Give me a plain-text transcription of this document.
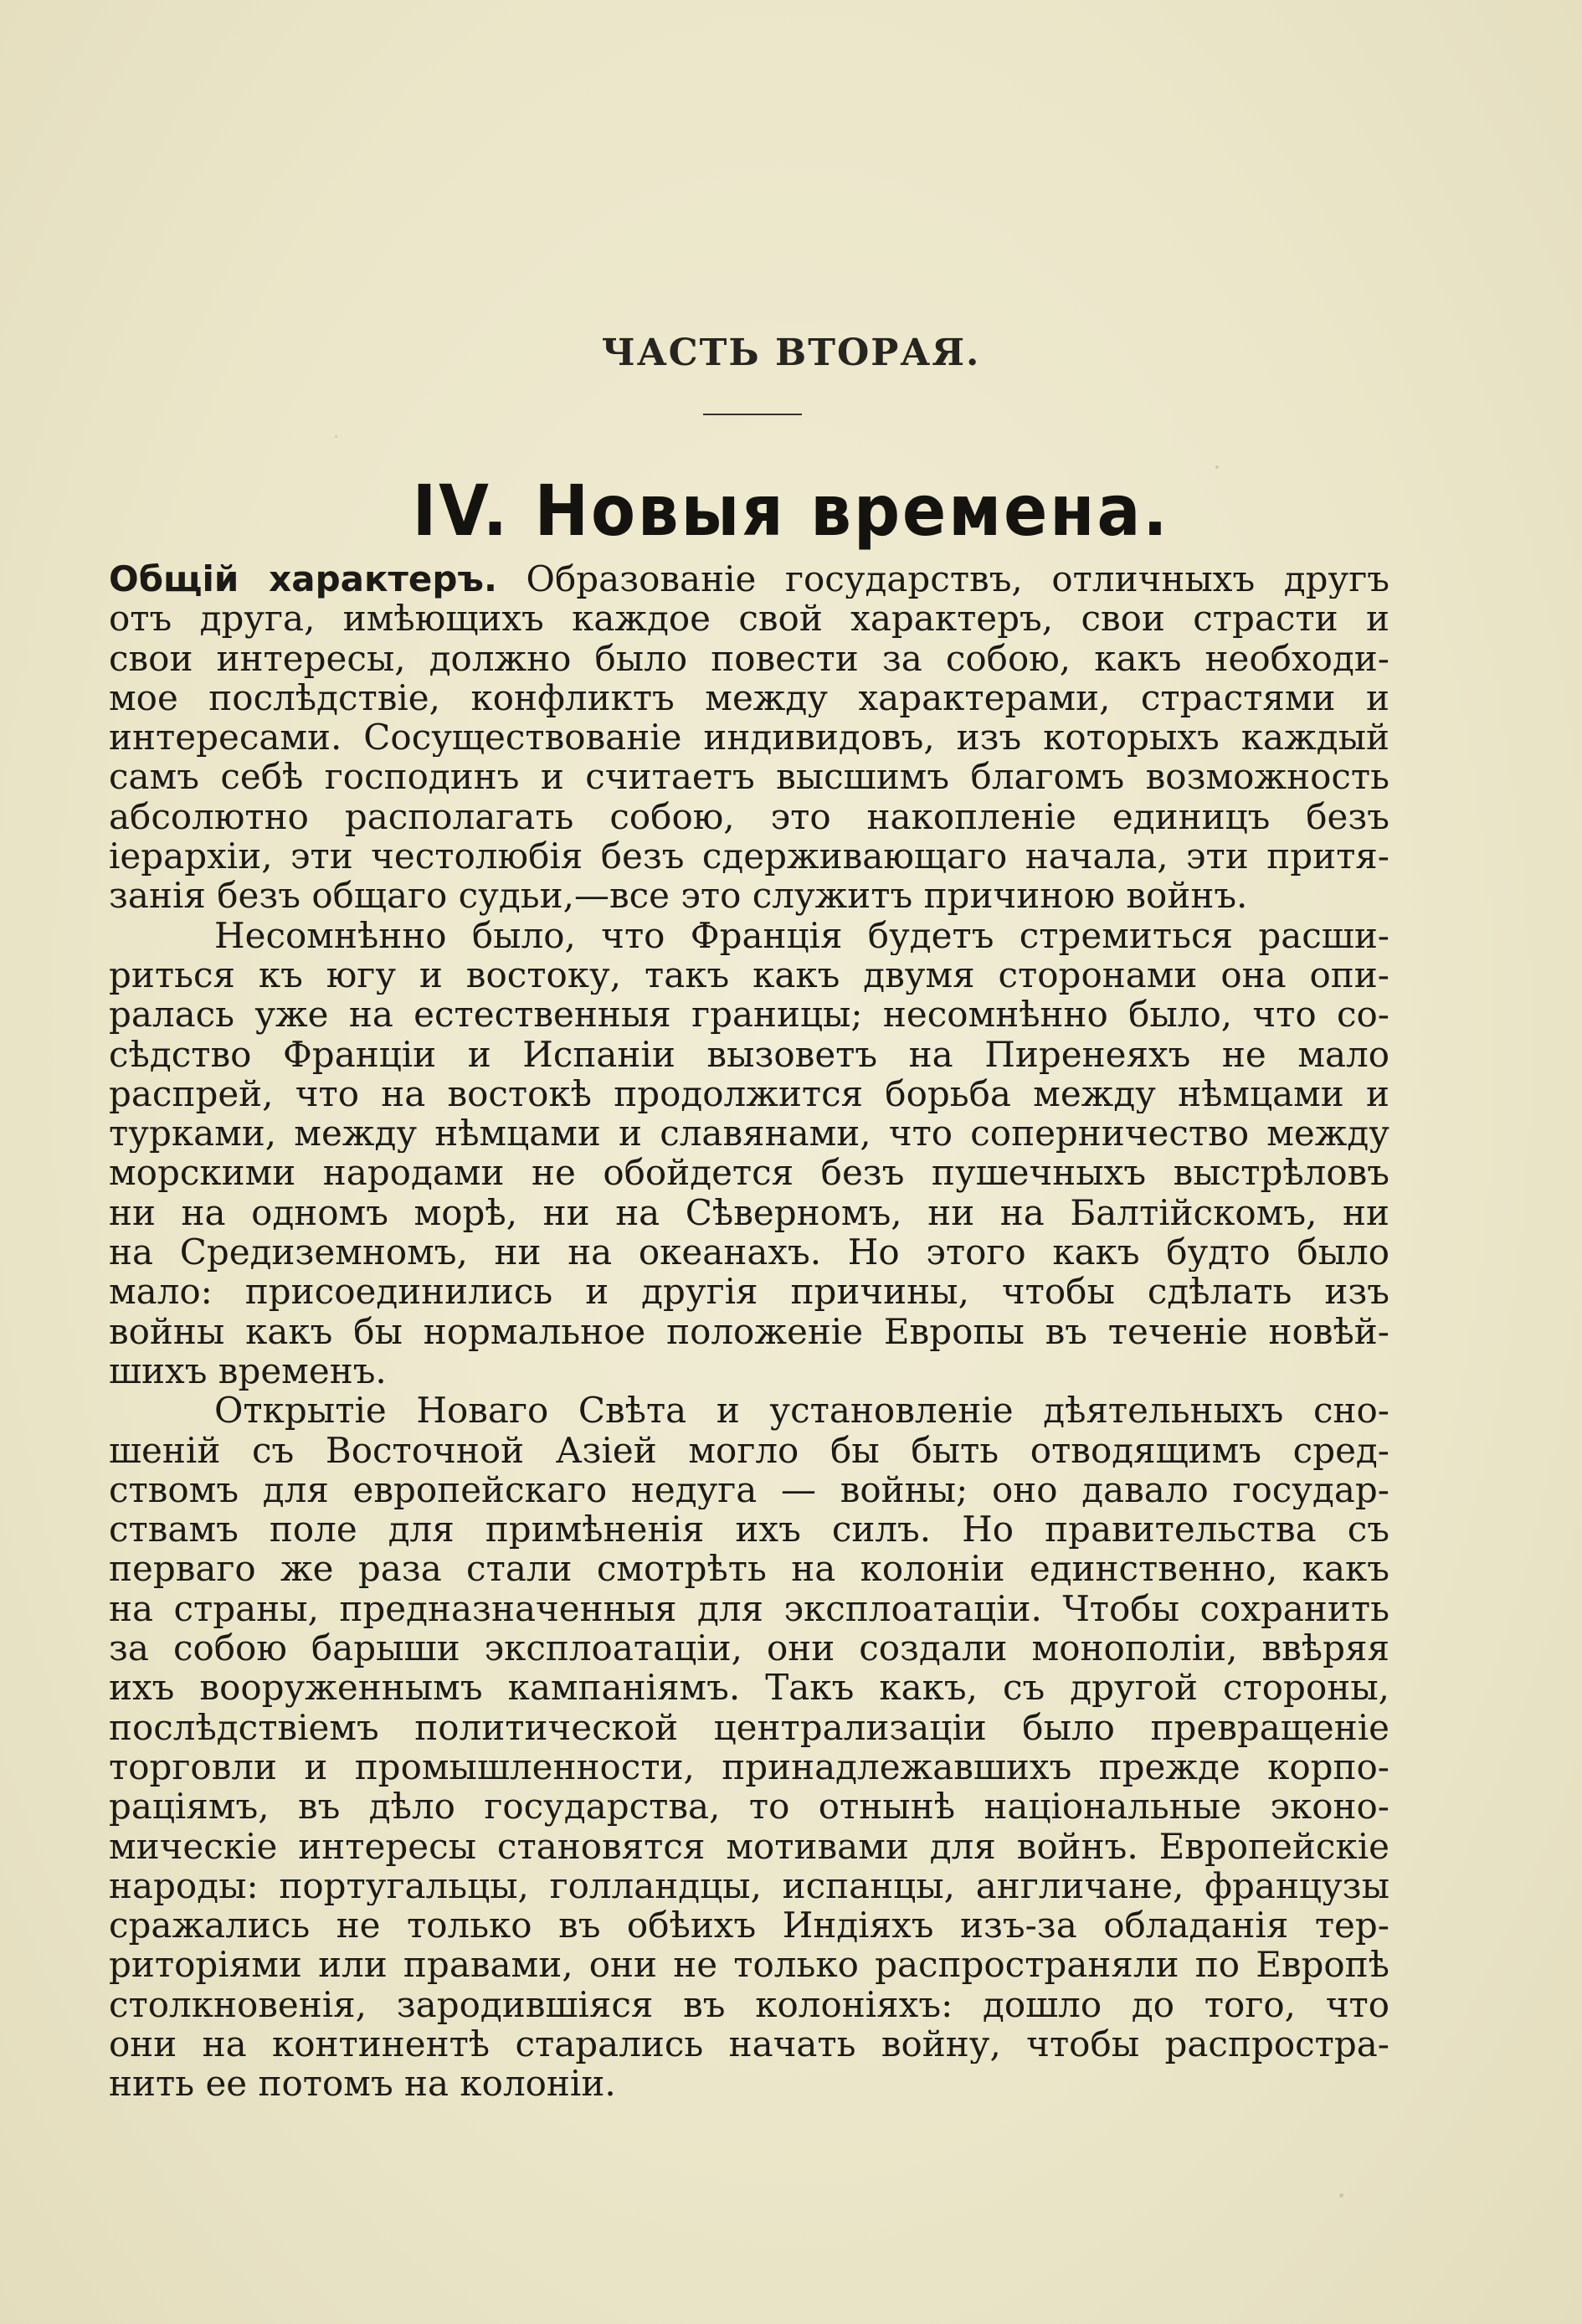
ЧАСТЬ ВТОРАЯ.
IV. Новыя времена.
Общій характеръ. Образованіе государствъ, отличныхъ другъ
отъ друга, имѣющихъ каждое свой характеръ, свои страсти и
свои интересы, должно было повести за собою, какъ необходи-
мое послѣдствіе, конфликтъ между характерами, страстями и
интересами. Сосуществованіе индивидовъ, изъ которыхъ каждый
самъ себѣ господинъ и считаетъ высшимъ благомъ возможность
абсолютно располагать собою, это накопленіе единицъ безъ
іерархіи, эти честолюбія безъ сдерживающаго начала, эти притя-
занія безъ общаго судьи,—все это служитъ причиною войнъ.
Несомнѣнно было, что Франція будетъ стремиться расши-
риться къ югу и востоку, такъ какъ двумя сторонами она опи-
ралась уже на естественныя границы; несомнѣнно было, что со-
сѣдство Франціи и Испаніи вызоветъ на Пиренеяхъ не мало
распрей, что на востокѣ продолжится борьба между нѣмцами и
турками, между нѣмцами и славянами, что соперничество между
морскими народами не обойдется безъ пушечныхъ выстрѣловъ
ни на одномъ морѣ, ни на Сѣверномъ, ни на Балтійскомъ, ни
на Средиземномъ, ни на океанахъ. Но этого какъ будто было
мало: присоединились и другія причины, чтобы сдѣлать изъ
войны какъ бы нормальное положеніе Европы въ теченіе новѣй-
шихъ временъ.
Открытіе Новаго Свѣта и установленіе дѣятельныхъ сно-
шеній съ Восточной Азіей могло бы быть отводящимъ сред-
ствомъ для европейскаго недуга — войны; оно давало государ-
ствамъ поле для примѣненія ихъ силъ. Но правительства съ
перваго же раза стали смотрѣть на колоніи единственно, какъ
на страны, предназначенныя для эксплоатаціи. Чтобы сохранить
за собою барыши эксплоатаціи, они создали монополіи, ввѣряя
ихъ вооруженнымъ кампаніямъ. Такъ какъ, съ другой стороны,
послѣдствіемъ политической централизаціи было превращеніе
торговли и промышленности, принадлежавшихъ прежде корпо-
раціямъ, въ дѣло государства, то отнынѣ національные эконо-
мическіе интересы становятся мотивами для войнъ. Европейскіе
народы: португальцы, голландцы, испанцы, англичане, французы
сражались не только въ обѣихъ Индіяхъ изъ-за обладанія тер-
риторіями или правами, они не только распространяли по Европѣ
столкновенія, зародившіяся въ колоніяхъ: дошло до того, что
они на континентѣ старались начать войну, чтобы распростра-
нить ее потомъ на колоніи.
